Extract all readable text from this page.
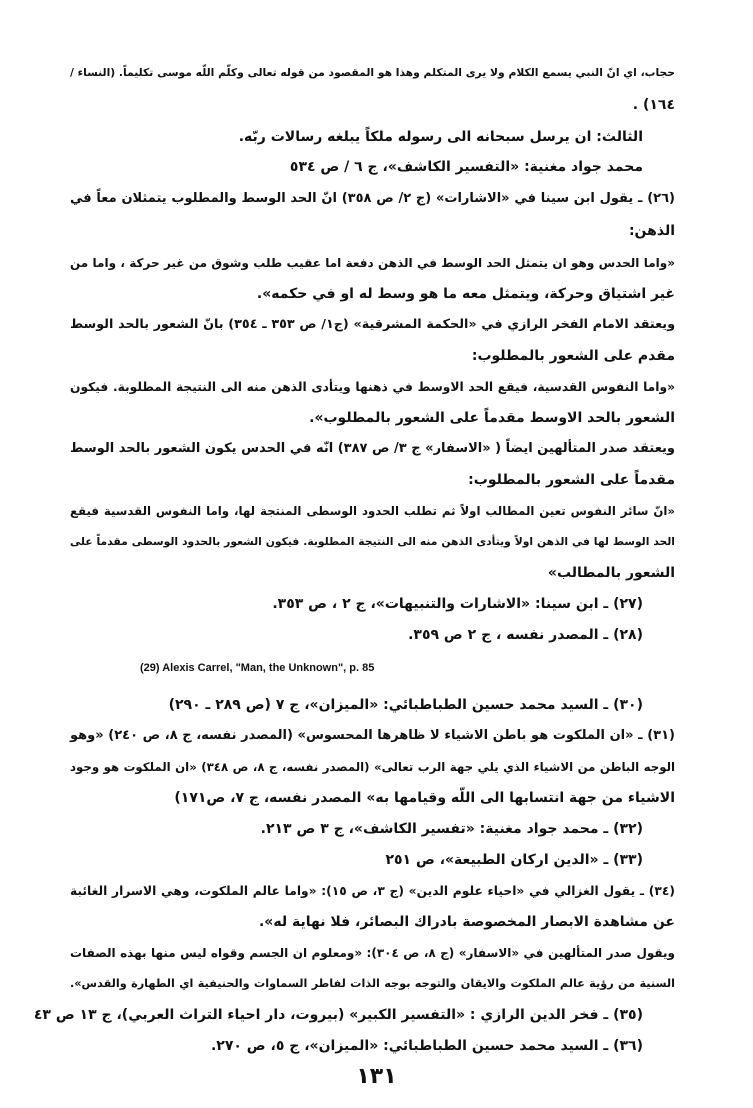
حجاب، اي انّ النبي يسمع الكلام ولا يرى المتكلم وهذا هو المقصود من قوله تعالى وكلّم اللّه موسى تكليماً. (النساء /
١٦٤) .
الثالث: ان يرسل سبحانه الى رسوله ملكاً يبلغه رسالات ربّه.
محمد جواد مغنية: «التفسير الكاشف»، ج ٦ / ص ٥٣٤
(٢٦) ـ يقول ابن سينا في «الاشارات» (ج ٢/ ص ٣٥٨) انّ الحد الوسط والمطلوب يتمثلان معاً في
الذهن:
«واما الحدس وهو ان يتمثل الحد الوسط في الذهن دفعة اما عقيب طلب وشوق من غير حركة ، واما من
غير اشتياق وحركة، ويتمثل معه ما هو وسط له او في حكمه».
ويعتقد الامام الفخر الرازي في «الحكمة المشرقية» (ج١/ ص ٣٥٣ ـ ٣٥٤) بانّ الشعور بالحد الوسط
مقدم على الشعور بالمطلوب:
«واما النفوس القدسية، فيقع الحد الاوسط في ذهنها ويتأدى الذهن منه الى النتيجة المطلوبة. فيكون
الشعور بالحد الاوسط مقدماً على الشعور بالمطلوب».
ويعتقد صدر المتألهين ايضاً ( «الاسفار» ج ٣/ ص ٣٨٧) انّه في الحدس يكون الشعور بالحد الوسط
مقدماً على الشعور بالمطلوب:
«انّ سائر النفوس تعين المطالب اولاً ثم تطلب الحدود الوسطى المنتجة لها، واما النفوس القدسية فيقع
الحد الوسط لها في الذهن اولاً ويتأدى الذهن منه الى النتيجة المطلوبة. فيكون الشعور بالحدود الوسطى مقدماً على
الشعور بالمطالب»
(٢٧) ـ ابن سينا: «الاشارات والتنبيهات»، ج ٢ ، ص ٣٥٣.
(٢٨) ـ المصدر نفسه ، ج ٢ ص ٣٥٩.
(29) Alexis Carrel, "Man, the Unknown", p. 85
(٣٠) ـ السيد محمد حسين الطباطبائي: «الميزان»، ج ٧ (ص ٢٨٩ ـ ٢٩٠)
(٣١) ـ «ان الملكوت هو باطن الاشياء لا ظاهرها المحسوس» (المصدر نفسه، ج ٨، ص ٢٤٠) «وهو
الوجه الباطن من الاشياء الذي يلي جهة الرب تعالى» (المصدر نفسه، ج ٨، ص ٣٤٨) «ان الملكوت هو وجود
الاشياء من جهة انتسابها الى اللّه وقيامها به» المصدر نفسه، ج ٧، ص١٧١)
(٣٢) ـ محمد جواد مغنية: «تفسير الكاشف»، ج ٣ ص ٢١٣.
(٣٣) ـ «الدين اركان الطبيعة»، ص ٢٥١
(٣٤) ـ يقول الغزالي في «احياء علوم الدين» (ج ٣، ص ١٥): «واما عالم الملكوت، وهي الاسرار الغائبة
عن مشاهدة الابصار المخصوصة بادراك البصائر، فلا نهاية له».
ويقول صدر المتألهين في «الاسفار» (ج ٨، ص ٣٠٤): «ومعلوم ان الجسم وقواه ليس منها بهذه الصفات
السنية من رؤية عالم الملكوت والايقان والتوجه بوجه الذات لفاطر السماوات والحنيفية اي الطهارة والقدس».
(٣٥) ـ فخر الدين الرازي : «التفسير الكبير» (بيروت، دار احياء التراث العربي)، ج ١٣ ص ٤٣
(٣٦) ـ السيد محمد حسين الطباطبائي: «الميزان»، ج ٥، ص ٢٧٠.
١٣١
